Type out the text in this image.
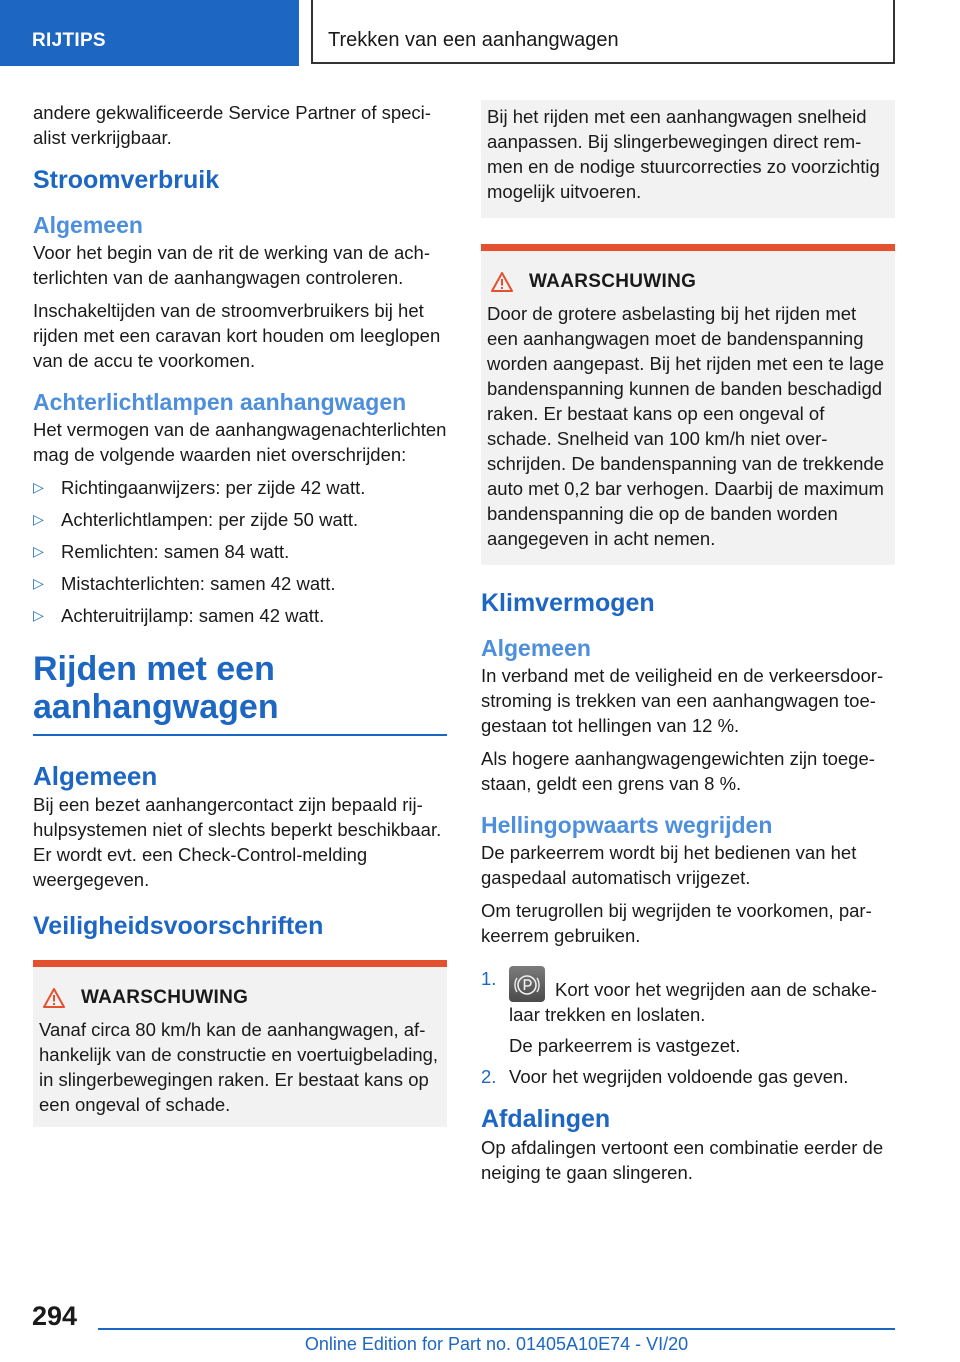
RIJTIPS	Trekken van een aanhangwagen

andere gekwalificeerde Service Partner of specialist verkrijgbaar.

Stroomverbruik
Algemeen

Voor het begin van de rit de werking van de achterlichten van de aanhangwagen controleren.

Inschakeltijden van de stroomverbruikers bij het rijden met een caravan kort houden om leeglopen van de accu te voorkomen.

Achterlichtlampen aanhangwagen

Het vermogen van de aanhangwagenachterlichten mag de volgende waarden niet overschrijden:

▷ Richtingaanwijzers: per zijde 42 watt.
▷ Achterlichtlampen: per zijde 50 watt.
▷ Remlichten: samen 84 watt.
▷ Mistachterlichten: samen 42 watt.
▷ Achteruitrijlamp: samen 42 watt.
Rijden met een
aanhangwagen
Algemeen

Bij een bezet aanhangercontact zijn bepaald rijhulpsystemen niet of slechts beperkt beschikbaar. Er wordt evt. een Check-Control-melding weergegeven.

Veiligheidsvoorschriften
WAARSCHUWING

Vanaf circa 80 km/h kan de aanhangwagen, afhankelijk van de constructie en voertuigbelading, in slingerbewegingen raken. Er bestaat kans op een ongeval of schade.

Bij het rijden met een aanhangwagen snelheid aanpassen. Bij slingerbewegingen direct remmen en de nodige stuurcorrecties zo voorzichtig mogelijk uitvoeren.

WAARSCHUWING

Door de grotere asbelasting bij het rijden met een aanhangwagen moet de bandenspanning worden aangepast. Bij het rijden met een te lage bandenspanning kunnen de banden beschadigd raken. Er bestaat kans op een ongeval of schade. Snelheid van 100 km/h niet overschrijden. De bandenspanning van de trekkende auto met 0,2 bar verhogen. Daarbij de maximum bandenspanning die op de banden worden aangegeven in acht nemen.

Klimvermogen
Algemeen

In verband met de veiligheid en de verkeersdoorstroming is trekken van een aanhangwagen toegestaan tot hellingen van 12 %.

Als hogere aanhangwagengewichten zijn toegestaan, geldt een grens van 8 %.

Hellingopwaarts wegrijden

De parkeerrem wordt bij het bedienen van het gaspedaal automatisch vrijgezet.

Om terugrollen bij wegrijden te voorkomen, parkeerrem gebruiken.

1.
Kort voor het wegrijden aan de schakelaar trekken en loslaten.
De parkeerrem is vastgezet.
2. Voor het wegrijden voldoende gas geven.
Afdalingen

Op afdalingen vertoont een combinatie eerder de neiging te gaan slingeren.

294
Online Edition for Part no. 01405A10E74 - VI/20
